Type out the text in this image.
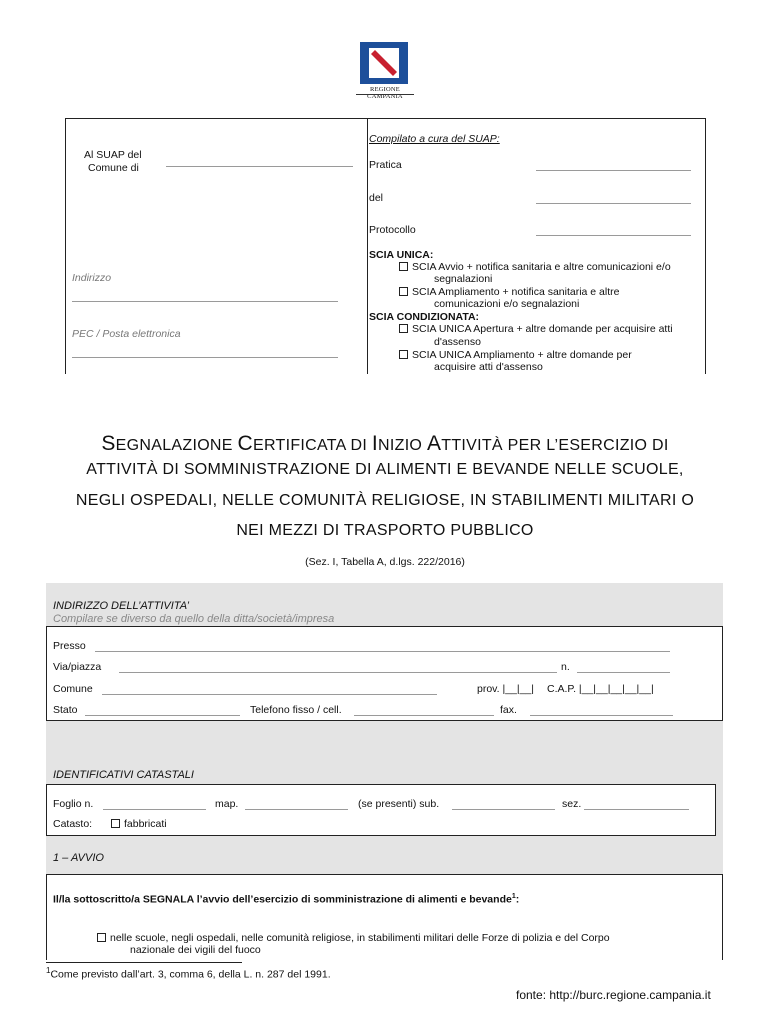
REGIONE CAMPANIA
Al SUAP del
Comune di
Indirizzo
PEC / Posta elettronica
Compilato a cura del SUAP:
Pratica
del
Protocollo
SCIA UNICA:
SCIA Avvio + notifica sanitaria e altre comunicazioni e/o
segnalazioni
SCIA Ampliamento + notifica sanitaria e altre
comunicazioni e/o segnalazioni
SCIA CONDIZIONATA:
SCIA UNICA Apertura + altre domande per acquisire atti
d'assenso
SCIA UNICA Ampliamento + altre domande per
acquisire atti d'assenso
SEGNALAZIONE CERTIFICATA DI INIZIO ATTIVITÀ PER L’ESERCIZIO DI
ATTIVITÀ DI SOMMINISTRAZIONE DI ALIMENTI E BEVANDE NELLE SCUOLE,
NEGLI OSPEDALI, NELLE COMUNITÀ RELIGIOSE, IN STABILIMENTI MILITARI O
NEI MEZZI DI TRASPORTO PUBBLICO
(Sez. I, Tabella A, d.lgs. 222/2016)
INDIRIZZO DELL’ATTIVITA’
Compilare se diverso da quello della ditta/società/impresa
Presso
Via/piazza	n.
Comune	prov. |__|__| C.A.P. |__|__|__|__|__|
Stato	Telefono fisso / cell.	fax.
IDENTIFICATIVI CATASTALI
Foglio n.	map.	(se presenti) sub.	sez.
Catasto:	fabbricati
1 – AVVIO
Il/la sottoscritto/a SEGNALA l’avvio dell’esercizio di somministrazione di alimenti e bevande$^1$:
nelle scuole, negli ospedali, nelle comunità religiose, in stabilimenti militari delle Forze di polizia e del Corpo
nazionale dei vigili del fuoco
$^1$Come previsto dall’art. 3, comma 6, della L. n. 287 del 1991.
fonte: http://burc.regione.campania.it
